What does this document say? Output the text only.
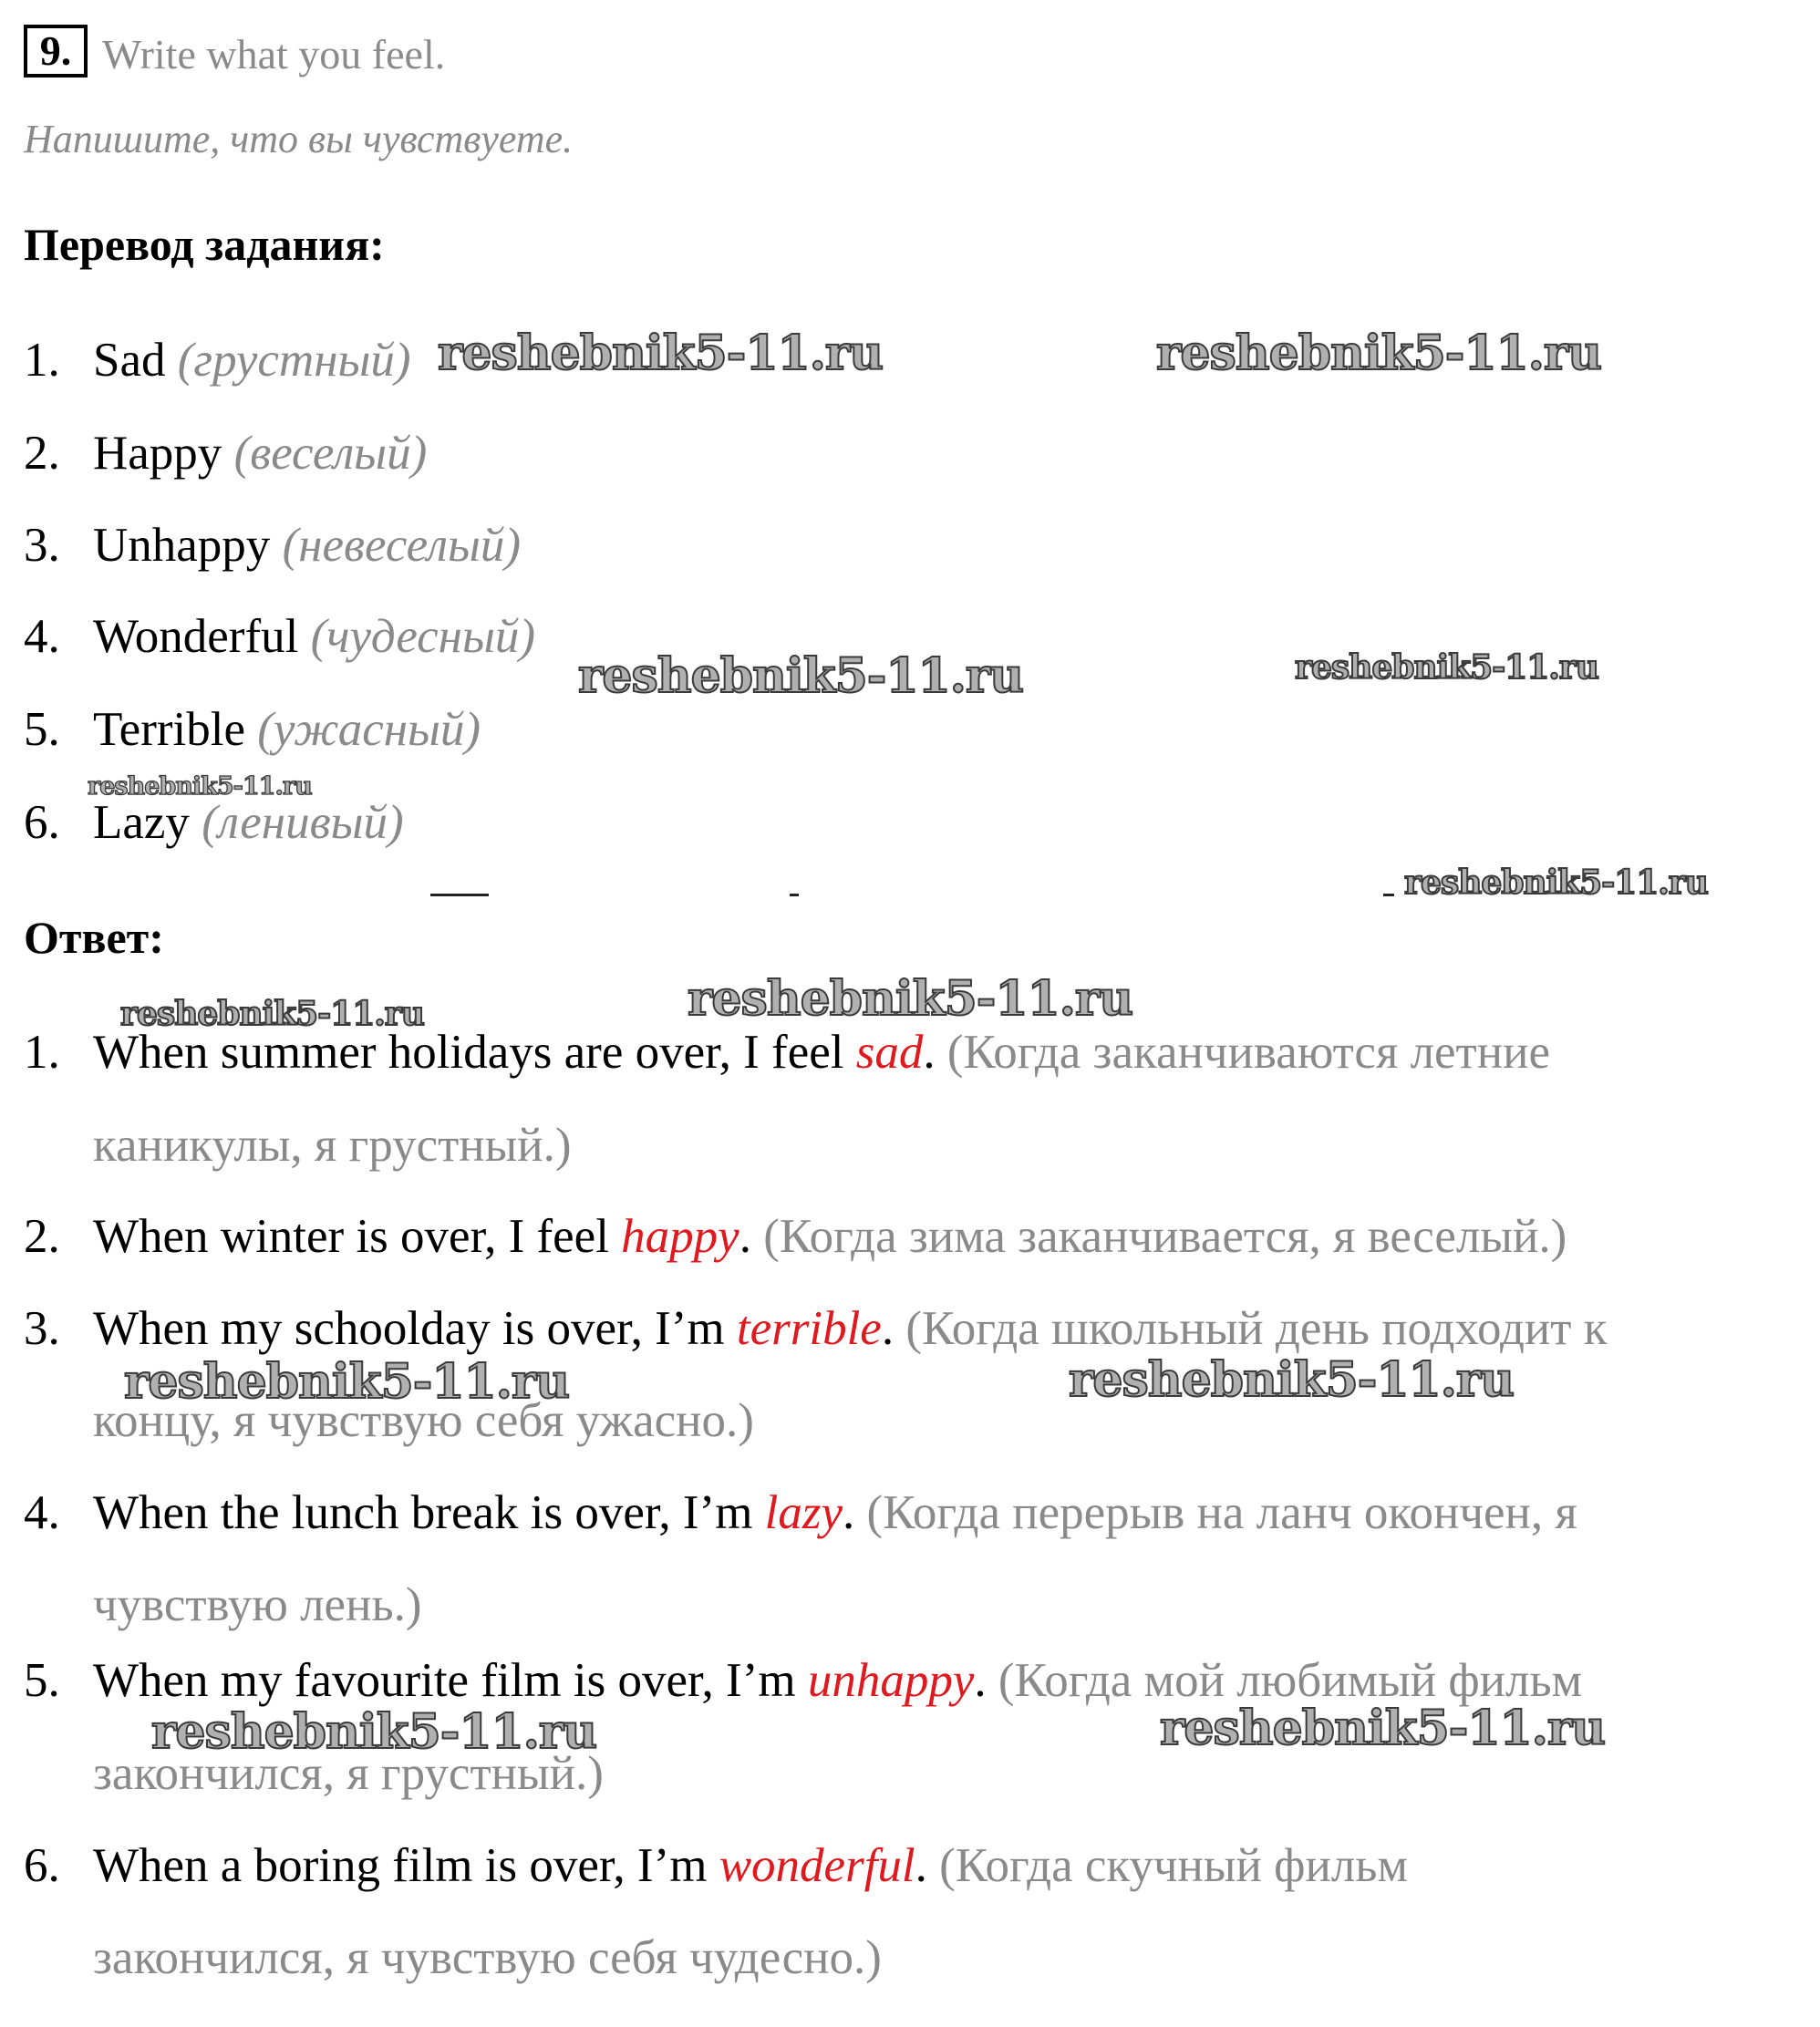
9. Write what you feel.
Напишите, что вы чувствуете.
Перевод задания:
1. Sad (грустный)
2. Happy (веселый)
3. Unhappy (невеселый)
4. Wonderful (чудесный)
5. Terrible (ужасный)
6. Lazy (ленивый)
Ответ:
1. When summer holidays are over, I feel sad. (Когда заканчиваются летние
каникулы, я грустный.)
2. When winter is over, I feel happy. (Когда зима заканчивается, я веселый.)
3. When my schoolday is over, I’m terrible. (Когда школьный день подходит к
концу, я чувствую себя ужасно.)
4. When the lunch break is over, I’m lazy. (Когда перерыв на ланч окончен, я
чувствую лень.)
5. When my favourite film is over, I’m unhappy. (Когда мой любимый фильм
закончился, я грустный.)
6. When a boring film is over, I’m wonderful. (Когда скучный фильм
закончился, я чувствую себя чудесно.)
reshebnik5-11.ru	reshebnik5-11.ru
reshebnik5-11.ru	reshebnik5-11.ru
reshebnik5-11.ru
reshebnik5-11.ru
reshebnik5-11.ru	reshebnik5-11.ru
reshebnik5-11.ru	reshebnik5-11.ru
reshebnik5-11.ru	reshebnik5-11.ru
